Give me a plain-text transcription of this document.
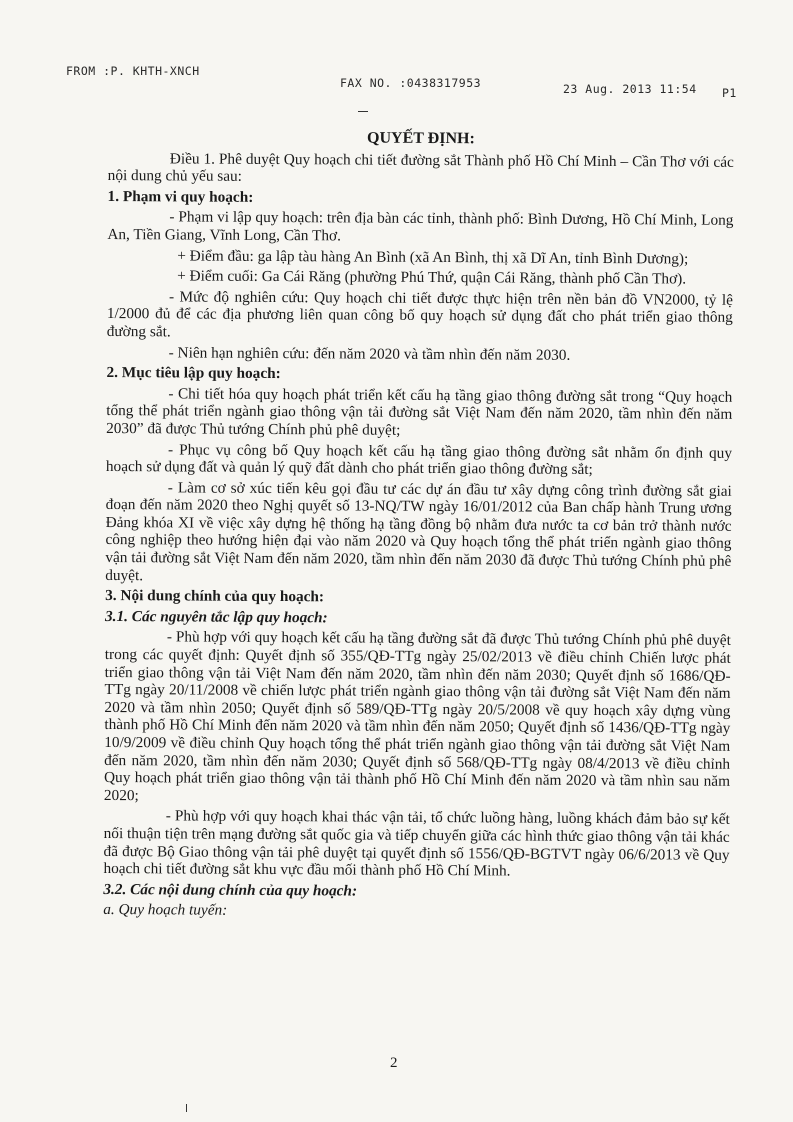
FROM :P. KHTH-XNCH
FAX NO. :0438317953	23 Aug. 2013 11:54 P1

QUYẾT ĐỊNH:

Điều 1. Phê duyệt Quy hoạch chi tiết đường sắt Thành phố Hồ Chí Minh – Cần Thơ với các nội dung chủ yếu sau:

1. Phạm vi quy hoạch:

- Phạm vi lập quy hoạch: trên địa bàn các tỉnh, thành phố: Bình Dương, Hồ Chí Minh, Long An, Tiền Giang, Vĩnh Long, Cần Thơ.

+ Điểm đầu: ga lập tàu hàng An Bình (xã An Bình, thị xã Dĩ An, tỉnh Bình Dương);

+ Điểm cuối: Ga Cái Răng (phường Phú Thứ, quận Cái Răng, thành phố Cần Thơ).

- Mức độ nghiên cứu: Quy hoạch chi tiết được thực hiện trên nền bản đồ VN2000, tỷ lệ 1/2000 đủ để các địa phương liên quan công bố quy hoạch sử dụng đất cho phát triển giao thông đường sắt.

- Niên hạn nghiên cứu: đến năm 2020 và tầm nhìn đến năm 2030.

2. Mục tiêu lập quy hoạch:

- Chi tiết hóa quy hoạch phát triển kết cấu hạ tầng giao thông đường sắt trong “Quy hoạch tổng thể phát triển ngành giao thông vận tải đường sắt Việt Nam đến năm 2020, tầm nhìn đến năm 2030” đã được Thủ tướng Chính phủ phê duyệt;

- Phục vụ công bố Quy hoạch kết cấu hạ tầng giao thông đường sắt nhằm ổn định quy hoạch sử dụng đất và quản lý quỹ đất dành cho phát triển giao thông đường sắt;

- Làm cơ sở xúc tiến kêu gọi đầu tư các dự án đầu tư xây dựng công trình đường sắt giai đoạn đến năm 2020 theo Nghị quyết số 13-NQ/TW ngày 16/01/2012 của Ban chấp hành Trung ương Đảng khóa XI về việc xây dựng hệ thống hạ tầng đồng bộ nhằm đưa nước ta cơ bản trở thành nước công nghiệp theo hướng hiện đại vào năm 2020 và Quy hoạch tổng thể phát triển ngành giao thông vận tải đường sắt Việt Nam đến năm 2020, tầm nhìn đến năm 2030 đã được Thủ tướng Chính phủ phê duyệt.

3. Nội dung chính của quy hoạch:

3.1. Các nguyên tắc lập quy hoạch:

- Phù hợp với quy hoạch kết cấu hạ tầng đường sắt đã được Thủ tướng Chính phủ phê duyệt trong các quyết định: Quyết định số 355/QĐ-TTg ngày 25/02/2013 về điều chỉnh Chiến lược phát triển giao thông vận tải Việt Nam đến năm 2020, tầm nhìn đến năm 2030; Quyết định số 1686/QĐ-TTg ngày 20/11/2008 về chiến lược phát triển ngành giao thông vận tải đường sắt Việt Nam đến năm 2020 và tầm nhìn 2050; Quyết định số 589/QĐ-TTg ngày 20/5/2008 về quy hoạch xây dựng vùng thành phố Hồ Chí Minh đến năm 2020 và tầm nhìn đến năm 2050; Quyết định số 1436/QĐ-TTg ngày 10/9/2009 về điều chỉnh Quy hoạch tổng thể phát triển ngành giao thông vận tải đường sắt Việt Nam đến năm 2020, tầm nhìn đến năm 2030; Quyết định số 568/QĐ-TTg ngày 08/4/2013 về điều chỉnh Quy hoạch phát triển giao thông vận tải thành phố Hồ Chí Minh đến năm 2020 và tầm nhìn sau năm 2020;

- Phù hợp với quy hoạch khai thác vận tải, tổ chức luồng hàng, luồng khách đảm bảo sự kết nối thuận tiện trên mạng đường sắt quốc gia và tiếp chuyển giữa các hình thức giao thông vận tải khác đã được Bộ Giao thông vận tải phê duyệt tại quyết định số 1556/QĐ-BGTVT ngày 06/6/2013 về Quy hoạch chi tiết đường sắt khu vực đầu mối thành phố Hồ Chí Minh.

3.2. Các nội dung chính của quy hoạch:

a. Quy hoạch tuyến:

2
